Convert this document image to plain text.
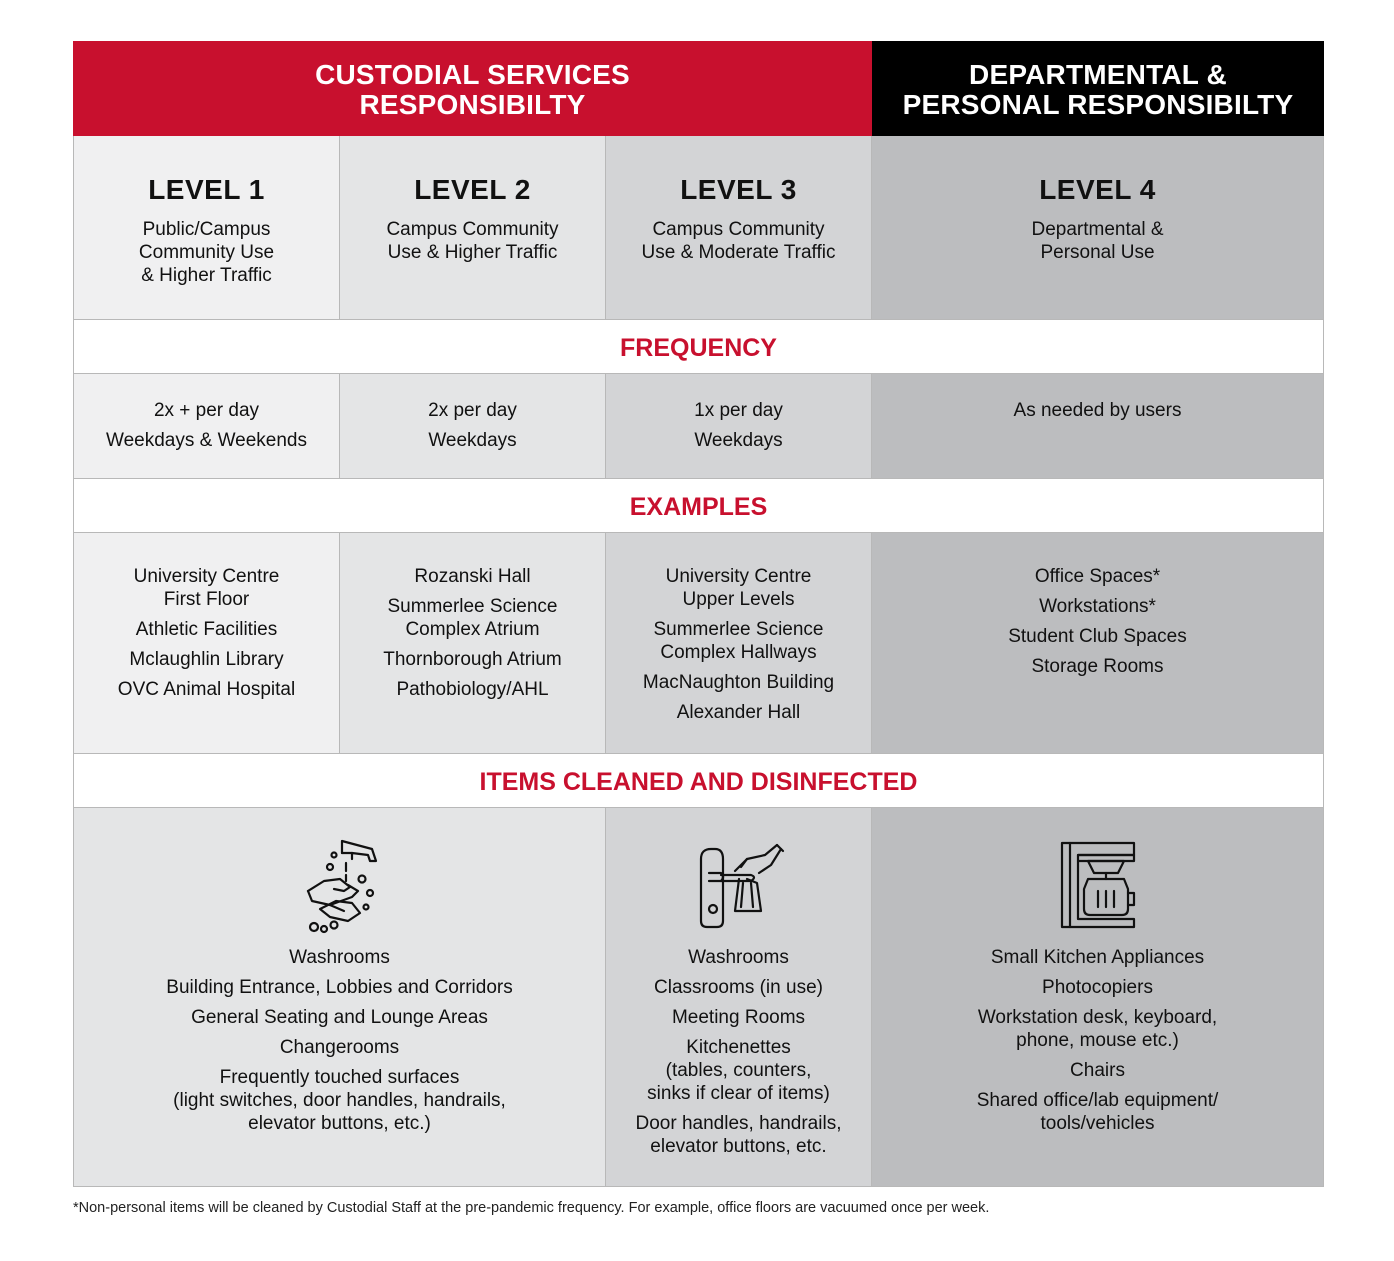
CUSTODIAL SERVICES
RESPONSIBILTY
DEPARTMENTAL &
PERSONAL RESPONSIBILTY
LEVEL 1
Public/Campus
Community Use
& Higher Traffic
LEVEL 2
Campus Community
Use & Higher Traffic
LEVEL 3
Campus Community
Use & Moderate Traffic
LEVEL 4
Departmental &
Personal Use
FREQUENCY
2x + per day
Weekdays & Weekends
2x per day
Weekdays
1x per day
Weekdays
As needed by users
EXAMPLES
University Centre
First Floor
Athletic Facilities
Mclaughlin Library
OVC Animal Hospital
Rozanski Hall
Summerlee Science
Complex Atrium
Thornborough Atrium
Pathobiology/AHL
University Centre
Upper Levels
Summerlee Science
Complex Hallways
MacNaughton Building
Alexander Hall
Office Spaces*
Workstations*
Student Club Spaces
Storage Rooms
ITEMS CLEANED AND DISINFECTED
Washrooms
Building Entrance, Lobbies and Corridors
General Seating and Lounge Areas
Changerooms
Frequently touched surfaces
(light switches, door handles, handrails,
elevator buttons, etc.)
Washrooms
Classrooms (in use)
Meeting Rooms
Kitchenettes
(tables, counters,
sinks if clear of items)
Door handles, handrails,
elevator buttons, etc.
Small Kitchen Appliances
Photocopiers
Workstation desk, keyboard,
phone, mouse etc.)
Chairs
Shared office/lab equipment/
tools/vehicles
*Non-personal items will be cleaned by Custodial Staff at the pre-pandemic frequency. For example, office floors are vacuumed once per week.
